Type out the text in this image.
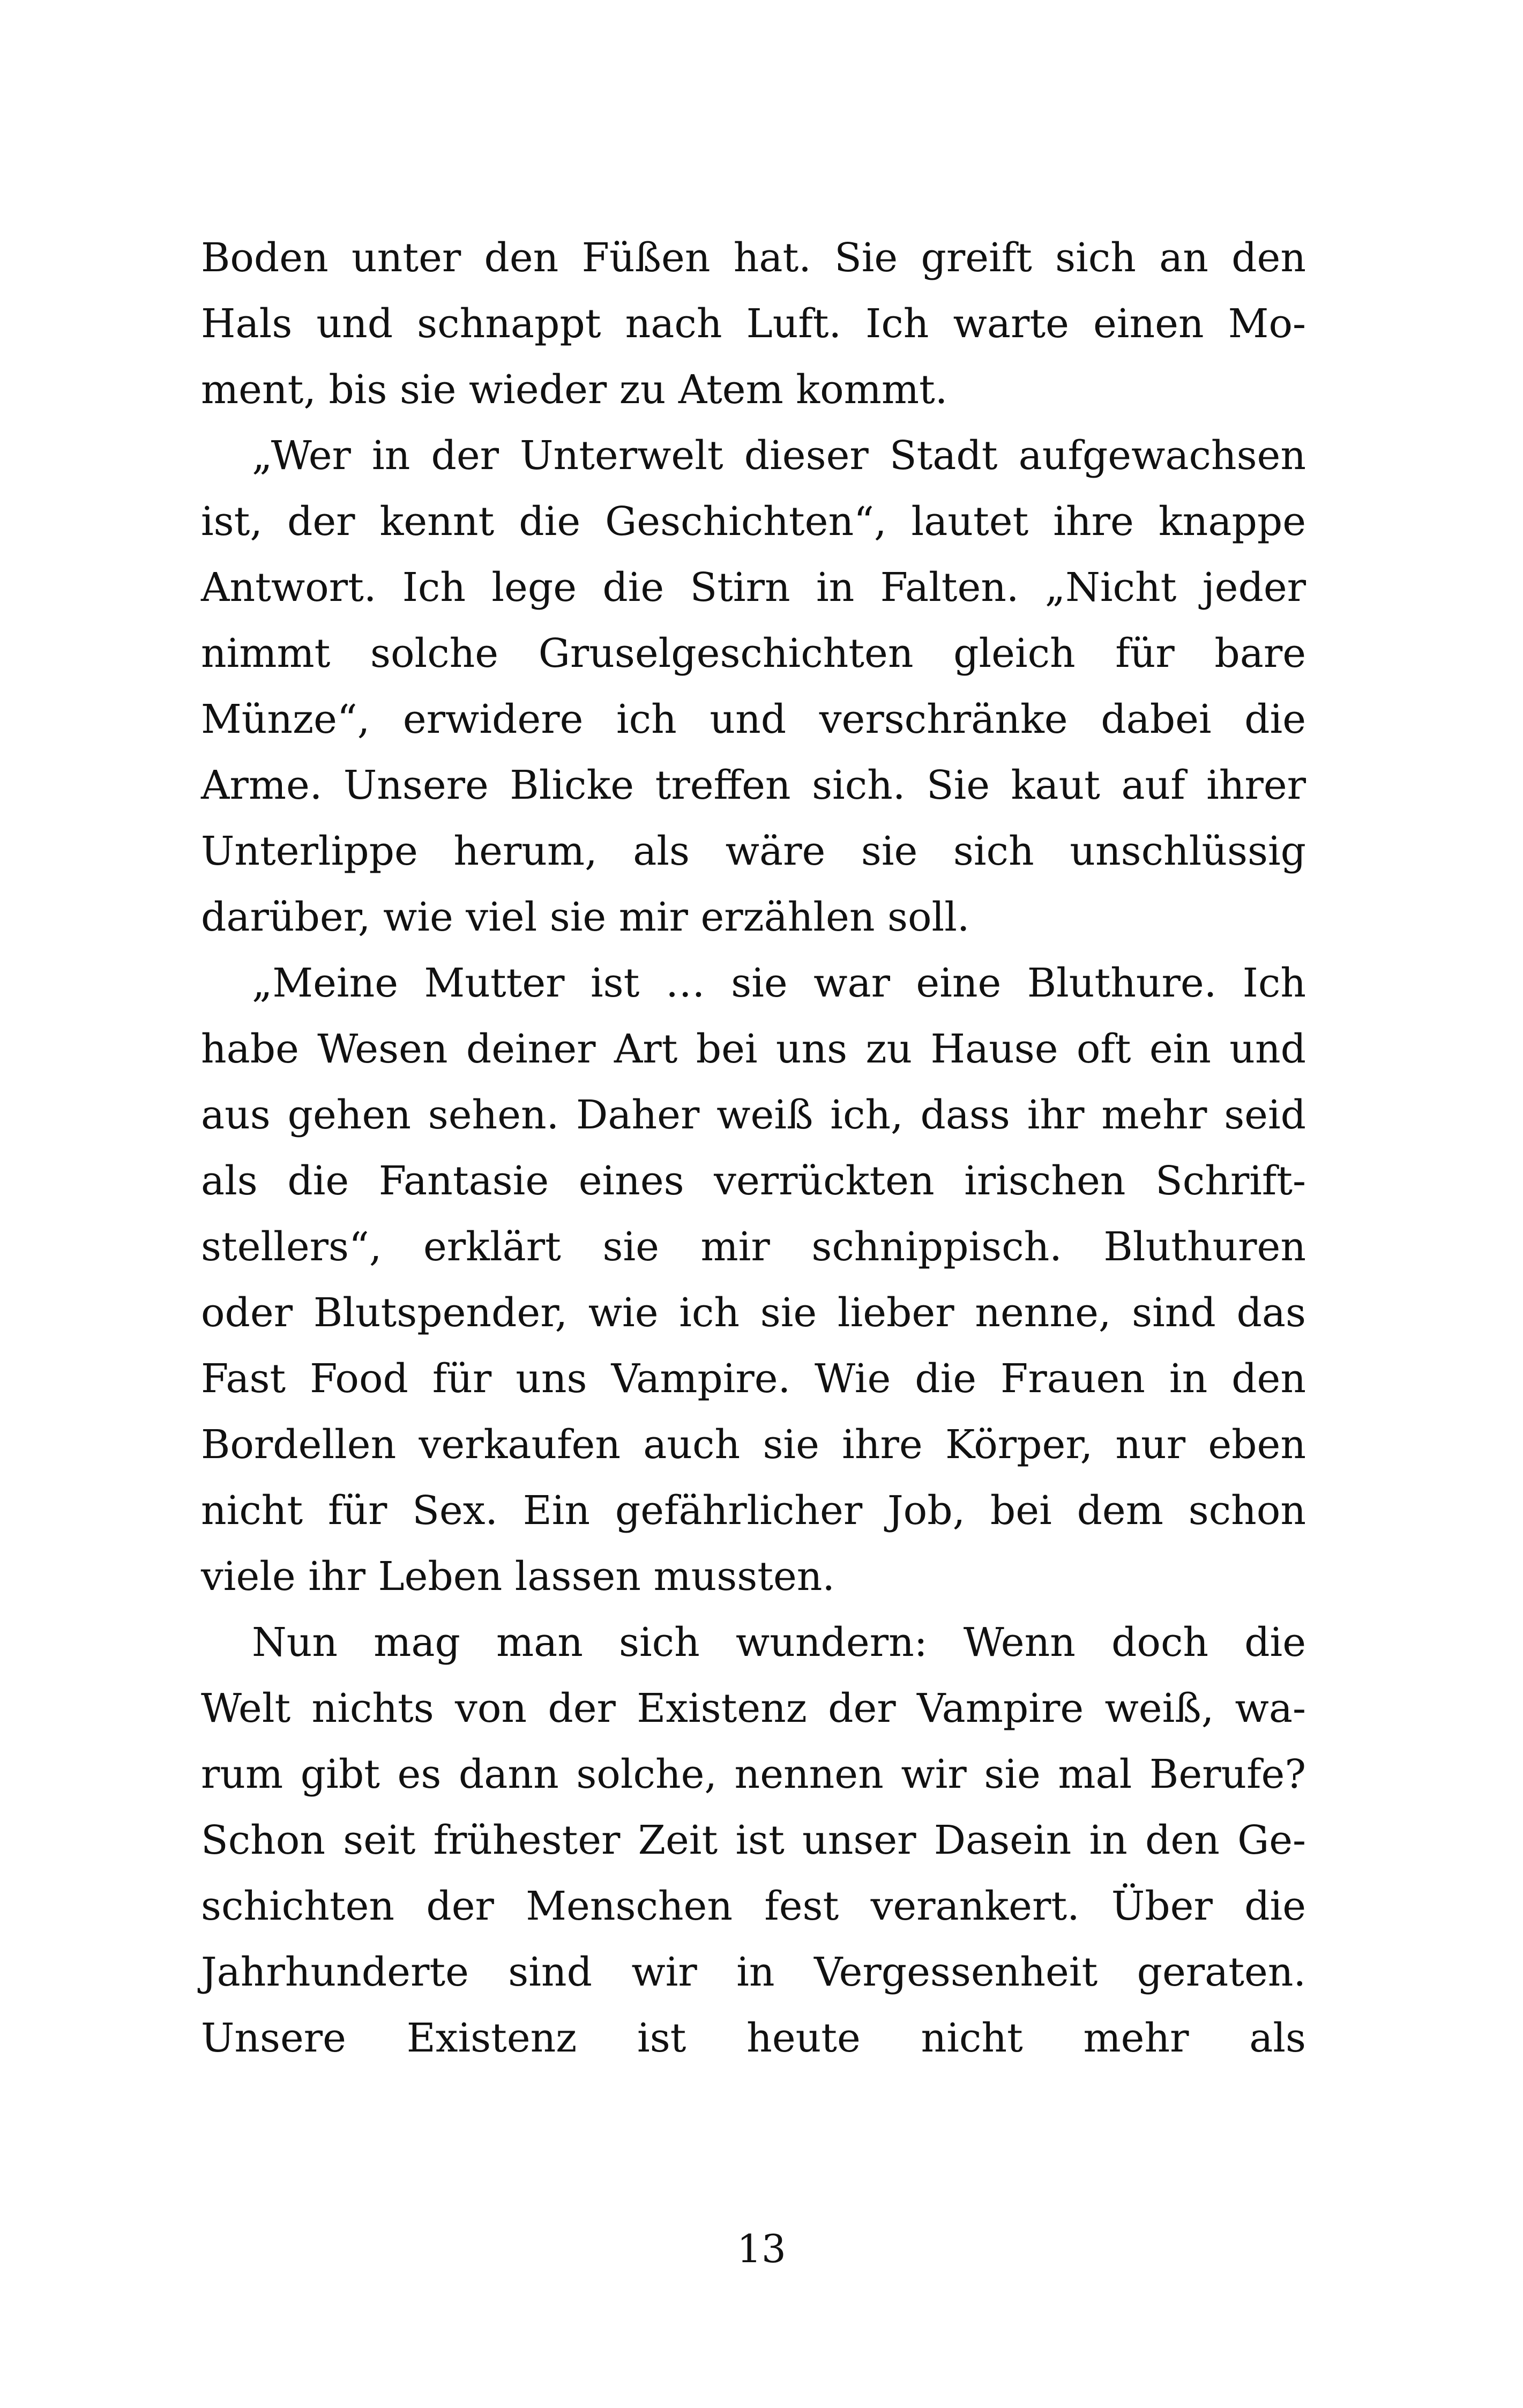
Boden unter den Füßen hat. Sie greift sich an den
Hals und schnappt nach Luft. Ich warte einen Mo-
ment, bis sie wieder zu Atem kommt.
„Wer in der Unterwelt dieser Stadt aufgewachsen
ist, der kennt die Geschichten“, lautet ihre knappe
Antwort. Ich lege die Stirn in Falten. „Nicht jeder
nimmt solche Gruselgeschichten gleich für bare
Münze“, erwidere ich und verschränke dabei die
Arme. Unsere Blicke treffen sich. Sie kaut auf ihrer
Unterlippe herum, als wäre sie sich unschlüssig
darüber, wie viel sie mir erzählen soll.
„Meine Mutter ist … sie war eine Bluthure. Ich
habe Wesen deiner Art bei uns zu Hause oft ein und
aus gehen sehen. Daher weiß ich, dass ihr mehr seid
als die Fantasie eines verrückten irischen Schrift-
stellers“, erklärt sie mir schnippisch. Bluthuren
oder Blutspender, wie ich sie lieber nenne, sind das
Fast Food für uns Vampire. Wie die Frauen in den
Bordellen verkaufen auch sie ihre Körper, nur eben
nicht für Sex. Ein gefährlicher Job, bei dem schon
viele ihr Leben lassen mussten.
Nun mag man sich wundern: Wenn doch die
Welt nichts von der Existenz der Vampire weiß, wa-
rum gibt es dann solche, nennen wir sie mal Berufe?
Schon seit frühester Zeit ist unser Dasein in den Ge-
schichten der Menschen fest verankert. Über die
Jahrhunderte sind wir in Vergessenheit geraten.
Unsere Existenz ist heute nicht mehr als
13
